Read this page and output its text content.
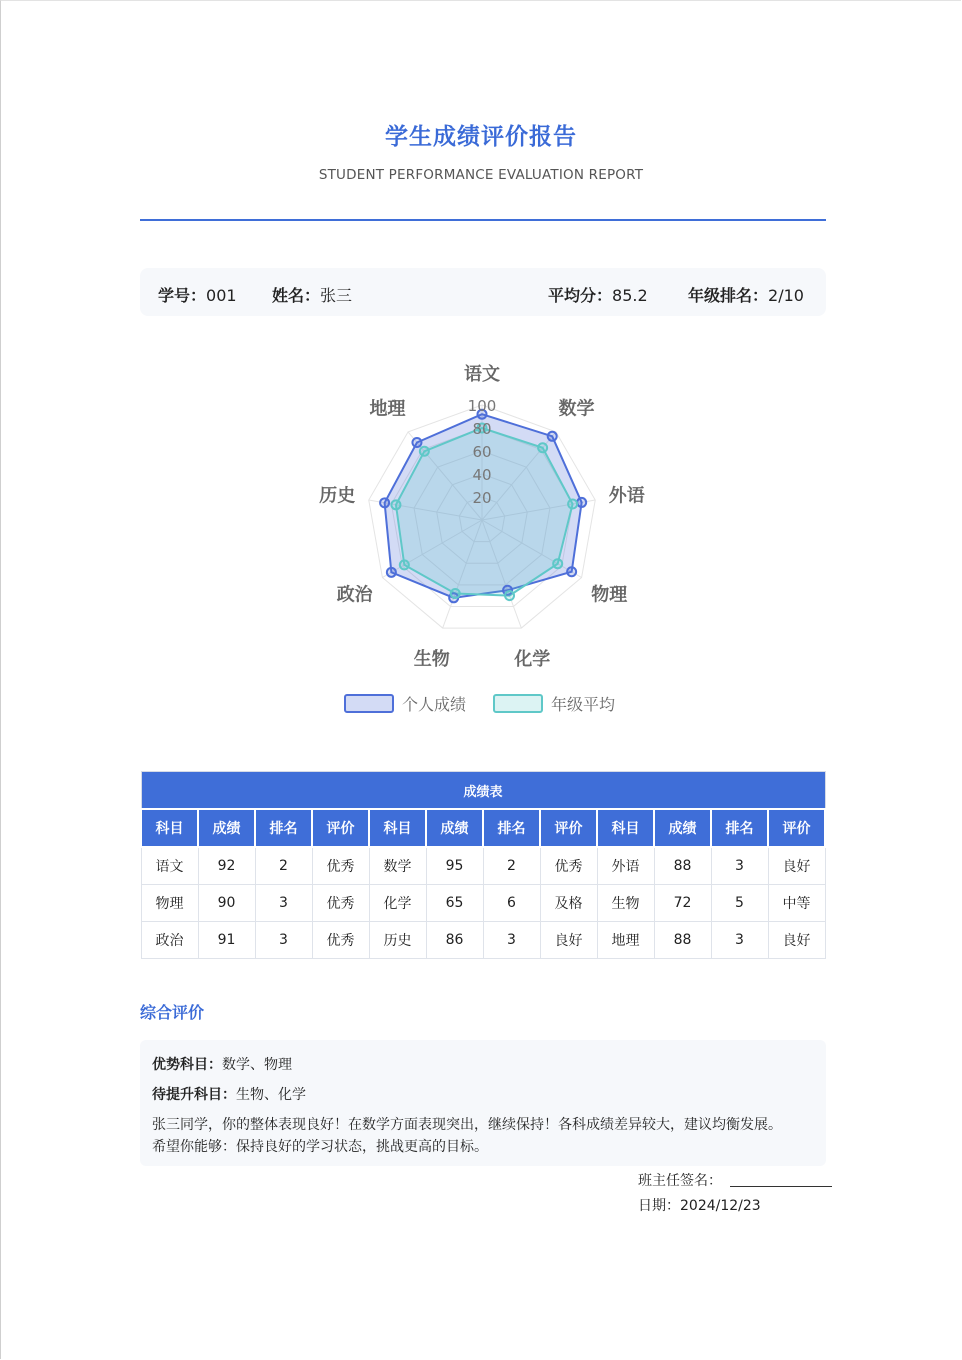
学生成绩评价报告
STUDENT PERFORMANCE EVALUATION REPORT
学号：001 姓名：张三	平均分：85.2	年级排名：2/10
20
40
60
80
100
语文
数学
外语
物理
化学
生物
政治
历史
地理
个人成绩	年级平均
成绩表											
科目	成绩	排名	评价	科目	成绩	排名	评价	科目	成绩	排名	评价
语文	92	2	优秀	数学	95	2	优秀	外语	88	3	良好
物理	90	3	优秀	化学	65	6	及格	生物	72	5	中等
政治	91	3	优秀	历史	86	3	良好	地理	88	3	良好
综合评价
优势科目：数学、物理
待提升科目：生物、化学
张三同学，你的整体表现良好！在数学方面表现突出，继续保持！各科成绩差异较大，建议均衡发展。
希望你能够：保持良好的学习状态，挑战更高的目标。
班主任签名：
日期：2024/12/23
